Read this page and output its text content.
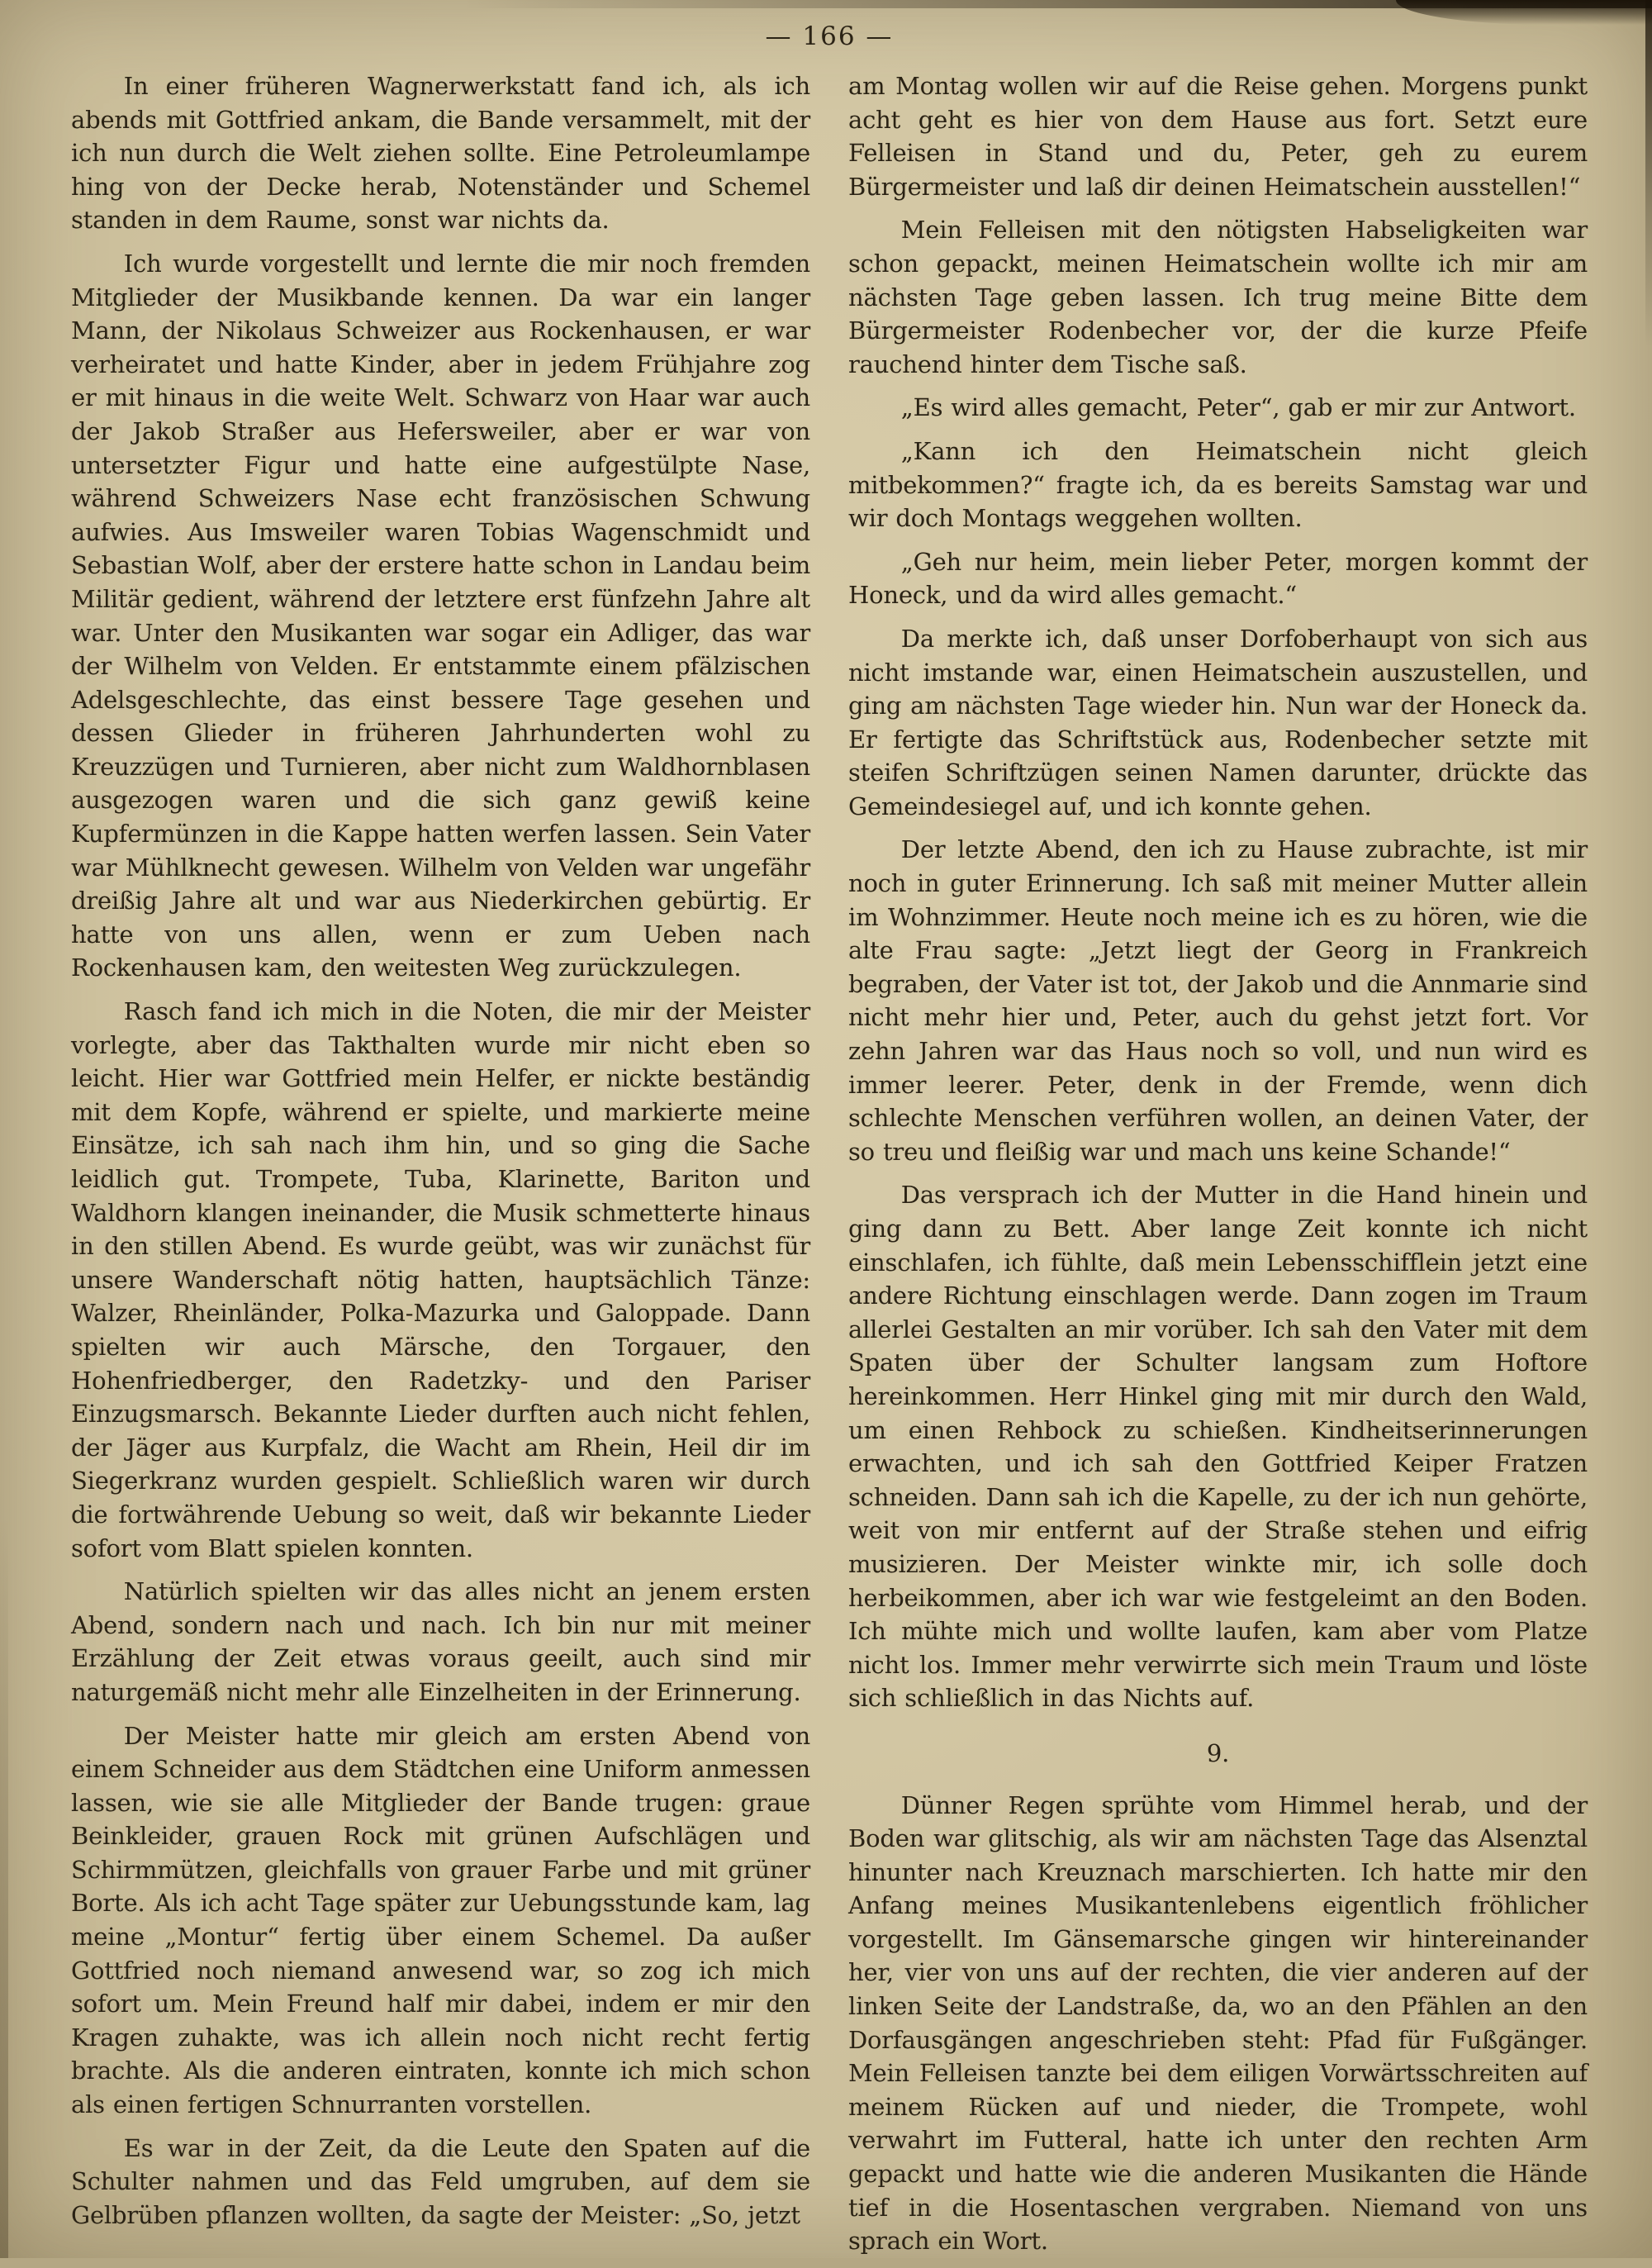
— 166 —

In einer früheren Wagnerwerkstatt fand ich, als ich abends mit Gottfried ankam, die Bande versammelt, mit der ich nun durch die Welt ziehen sollte. Eine Petroleumlampe hing von der Decke herab, Notenständer und Schemel standen in dem Raume, sonst war nichts da.

Ich wurde vorgestellt und lernte die mir noch fremden Mitglieder der Musikbande kennen. Da war ein langer Mann, der Nikolaus Schweizer aus Rockenhausen, er war verheiratet und hatte Kinder, aber in jedem Frühjahre zog er mit hinaus in die weite Welt. Schwarz von Haar war auch der Jakob Straßer aus Hefersweiler, aber er war von untersetzter Figur und hatte eine aufgestülpte Nase, während Schweizers Nase echt französischen Schwung aufwies. Aus Imsweiler waren Tobias Wagenschmidt und Sebastian Wolf, aber der erstere hatte schon in Landau beim Militär gedient, während der letztere erst fünfzehn Jahre alt war. Unter den Musikanten war sogar ein Adliger, das war der Wilhelm von Velden. Er entstammte einem pfälzischen Adelsgeschlechte, das einst bessere Tage gesehen und dessen Glieder in früheren Jahrhunderten wohl zu Kreuzzügen und Turnieren, aber nicht zum Waldhornblasen ausgezogen waren und die sich ganz gewiß keine Kupfermünzen in die Kappe hatten werfen lassen. Sein Vater war Mühlknecht gewesen. Wilhelm von Velden war ungefähr dreißig Jahre alt und war aus Niederkirchen gebürtig. Er hatte von uns allen, wenn er zum Ueben nach Rockenhausen kam, den weitesten Weg zurückzulegen.

Rasch fand ich mich in die Noten, die mir der Meister vorlegte, aber das Takthalten wurde mir nicht eben so leicht. Hier war Gottfried mein Helfer, er nickte beständig mit dem Kopfe, während er spielte, und markierte meine Einsätze, ich sah nach ihm hin, und so ging die Sache leidlich gut. Trompete, Tuba, Klarinette, Bariton und Waldhorn klangen ineinander, die Musik schmetterte hinaus in den stillen Abend. Es wurde geübt, was wir zunächst für unsere Wanderschaft nötig hatten, hauptsächlich Tänze: Walzer, Rheinländer, Polka-Mazurka und Galoppade. Dann spielten wir auch Märsche, den Torgauer, den Hohenfriedberger, den Radetzky- und den Pariser Einzugsmarsch. Bekannte Lieder durften auch nicht fehlen, der Jäger aus Kurpfalz, die Wacht am Rhein, Heil dir im Siegerkranz wurden gespielt. Schließlich waren wir durch die fortwährende Uebung so weit, daß wir bekannte Lieder sofort vom Blatt spielen konnten.

Natürlich spielten wir das alles nicht an jenem ersten Abend, sondern nach und nach. Ich bin nur mit meiner Erzählung der Zeit etwas voraus geeilt, auch sind mir naturgemäß nicht mehr alle Einzelheiten in der Erinnerung.

Der Meister hatte mir gleich am ersten Abend von einem Schneider aus dem Städtchen eine Uniform anmessen lassen, wie sie alle Mitglieder der Bande trugen: graue Beinkleider, grauen Rock mit grünen Aufschlägen und Schirmmützen, gleichfalls von grauer Farbe und mit grüner Borte. Als ich acht Tage später zur Uebungsstunde kam, lag meine „Montur“ fertig über einem Schemel. Da außer Gottfried noch niemand anwesend war, so zog ich mich sofort um. Mein Freund half mir dabei, indem er mir den Kragen zuhakte, was ich allein noch nicht recht fertig brachte. Als die anderen eintraten, konnte ich mich schon als einen fertigen Schnurranten vorstellen.

Es war in der Zeit, da die Leute den Spaten auf die Schulter nahmen und das Feld umgruben, auf dem sie Gelbrüben pflanzen wollten, da sagte der Meister: „So, jetzt

am Montag wollen wir auf die Reise gehen. Morgens punkt acht geht es hier von dem Hause aus fort. Setzt eure Felleisen in Stand und du, Peter, geh zu eurem Bürgermeister und laß dir deinen Heimatschein ausstellen!“

Mein Felleisen mit den nötigsten Habseligkeiten war schon gepackt, meinen Heimatschein wollte ich mir am nächsten Tage geben lassen. Ich trug meine Bitte dem Bürgermeister Rodenbecher vor, der die kurze Pfeife rauchend hinter dem Tische saß.

„Es wird alles gemacht, Peter“, gab er mir zur Antwort.

„Kann ich den Heimatschein nicht gleich mitbekommen?“ fragte ich, da es bereits Samstag war und wir doch Montags weggehen wollten.

„Geh nur heim, mein lieber Peter, morgen kommt der Honeck, und da wird alles gemacht.“

Da merkte ich, daß unser Dorfoberhaupt von sich aus nicht imstande war, einen Heimatschein auszustellen, und ging am nächsten Tage wieder hin. Nun war der Honeck da. Er fertigte das Schriftstück aus, Rodenbecher setzte mit steifen Schriftzügen seinen Namen darunter, drückte das Gemeindesiegel auf, und ich konnte gehen.

Der letzte Abend, den ich zu Hause zubrachte, ist mir noch in guter Erinnerung. Ich saß mit meiner Mutter allein im Wohnzimmer. Heute noch meine ich es zu hören, wie die alte Frau sagte: „Jetzt liegt der Georg in Frankreich begraben, der Vater ist tot, der Jakob und die Annmarie sind nicht mehr hier und, Peter, auch du gehst jetzt fort. Vor zehn Jahren war das Haus noch so voll, und nun wird es immer leerer. Peter, denk in der Fremde, wenn dich schlechte Menschen verführen wollen, an deinen Vater, der so treu und fleißig war und mach uns keine Schande!“

Das versprach ich der Mutter in die Hand hinein und ging dann zu Bett. Aber lange Zeit konnte ich nicht einschlafen, ich fühlte, daß mein Lebensschifflein jetzt eine andere Richtung einschlagen werde. Dann zogen im Traum allerlei Gestalten an mir vorüber. Ich sah den Vater mit dem Spaten über der Schulter langsam zum Hoftore hereinkommen. Herr Hinkel ging mit mir durch den Wald, um einen Rehbock zu schießen. Kindheitserinnerungen erwachten, und ich sah den Gottfried Keiper Fratzen schneiden. Dann sah ich die Kapelle, zu der ich nun gehörte, weit von mir entfernt auf der Straße stehen und eifrig musizieren. Der Meister winkte mir, ich solle doch herbeikommen, aber ich war wie festgeleimt an den Boden. Ich mühte mich und wollte laufen, kam aber vom Platze nicht los. Immer mehr verwirrte sich mein Traum und löste sich schließlich in das Nichts auf.

9.

Dünner Regen sprühte vom Himmel herab, und der Boden war glitschig, als wir am nächsten Tage das Alsenztal hinunter nach Kreuznach marschierten. Ich hatte mir den Anfang meines Musikantenlebens eigentlich fröhlicher vorgestellt. Im Gänsemarsche gingen wir hintereinander her, vier von uns auf der rechten, die vier anderen auf der linken Seite der Landstraße, da, wo an den Pfählen an den Dorfausgängen angeschrieben steht: Pfad für Fußgänger. Mein Felleisen tanzte bei dem eiligen Vorwärtsschreiten auf meinem Rücken auf und nieder, die Trompete, wohl verwahrt im Futteral, hatte ich unter den rechten Arm gepackt und hatte wie die anderen Musikanten die Hände tief in die Hosentaschen vergraben. Niemand von uns sprach ein Wort.
